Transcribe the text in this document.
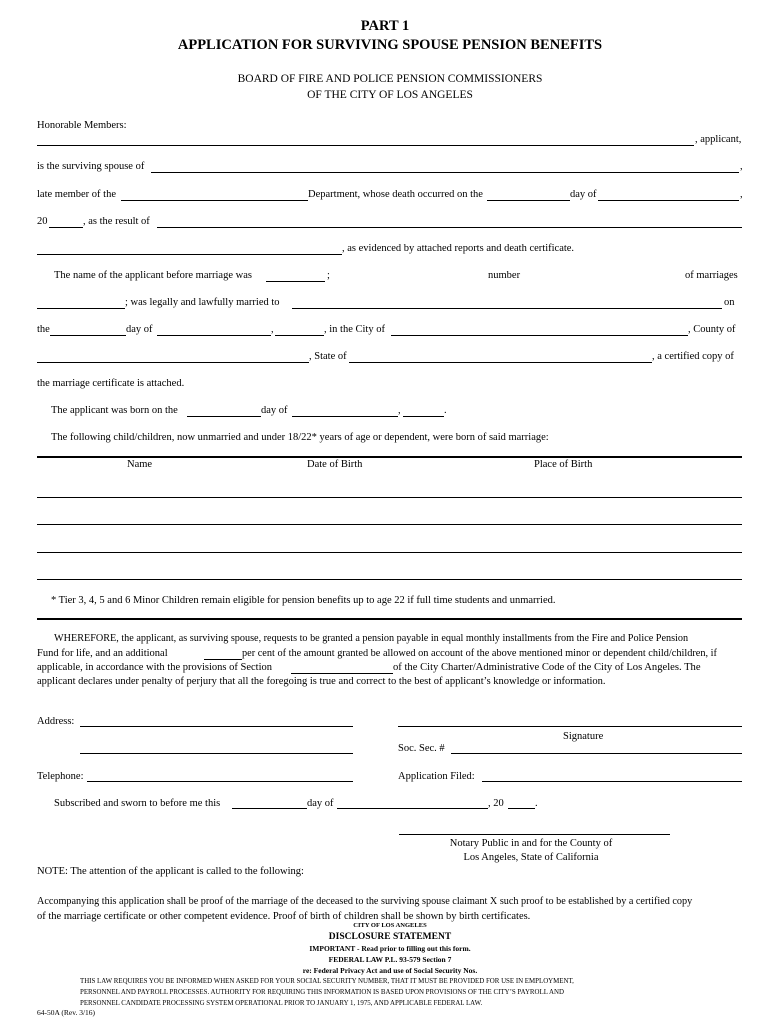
PART 1
APPLICATION FOR SURVIVING SPOUSE PENSION BENEFITS
BOARD OF FIRE AND POLICE PENSION COMMISSIONERS
OF THE CITY OF LOS ANGELES
Honorable Members:
, applicant,
is the surviving spouse of	,
late member of the	Department, whose death occurred on the	day of	,
20	, as the result of
, as evidenced by attached reports and death certificate.
The name of the applicant before marriage was	;	number	of marriages
; was legally and lawfully married to	on
the	day of	,	, in the City of	, County of
, State of	, a certified copy of
the marriage certificate is attached.
The applicant was born on the	day of	,	.
The following child/children, now unmarried and under 18/22* years of age or dependent, were born of said marriage:
Name	Date of Birth	Place of Birth
* Tier 3, 4, 5 and 6 Minor Children remain eligible for pension benefits up to age 22 if full time students and unmarried.
WHEREFORE, the applicant, as surviving spouse, requests to be granted a pension payable in equal monthly installments from the Fire and Police Pension
Fund for life, and an additional	per cent of the amount granted be allowed on account of the above mentioned minor or dependent child/children, if
applicable, in accordance with the provisions of Section	of the City Charter/Administrative Code of the City of Los Angeles. The
applicant declares under penalty of perjury that all the foregoing is true and correct to the best of applicant’s knowledge or information.
Address:
Signature
Soc. Sec. #
Telephone:	Application Filed:
Subscribed and sworn to before me this	day of	, 20	.
Notary Public in and for the County of
Los Angeles, State of California
NOTE: The attention of the applicant is called to the following:
Accompanying this application shall be proof of the marriage of the deceased to the surviving spouse claimant X such proof to be established by a certified copy
of the marriage certificate or other competent evidence. Proof of birth of children shall be shown by birth certificates.
CITY OF LOS ANGELES
DISCLOSURE STATEMENT
IMPORTANT - Read prior to filling out this form.
FEDERAL LAW P.L. 93-579 Section 7
re: Federal Privacy Act and use of Social Security Nos.
THIS LAW REQUIRES YOU BE INFORMED WHEN ASKED FOR YOUR SOCIAL SECURITY NUMBER, THAT IT MUST BE PROVIDED FOR USE IN EMPLOYMENT,
PERSONNEL AND PAYROLL PROCESSES. AUTHORITY FOR REQUIRING THIS INFORMATION IS BASED UPON PROVISIONS OF THE CITY’S PAYROLL AND
PERSONNEL CANDIDATE PROCESSING SYSTEM OPERATIONAL PRIOR TO JANUARY 1, 1975, AND APPLICABLE FEDERAL LAW.
64-50A (Rev. 3/16)
